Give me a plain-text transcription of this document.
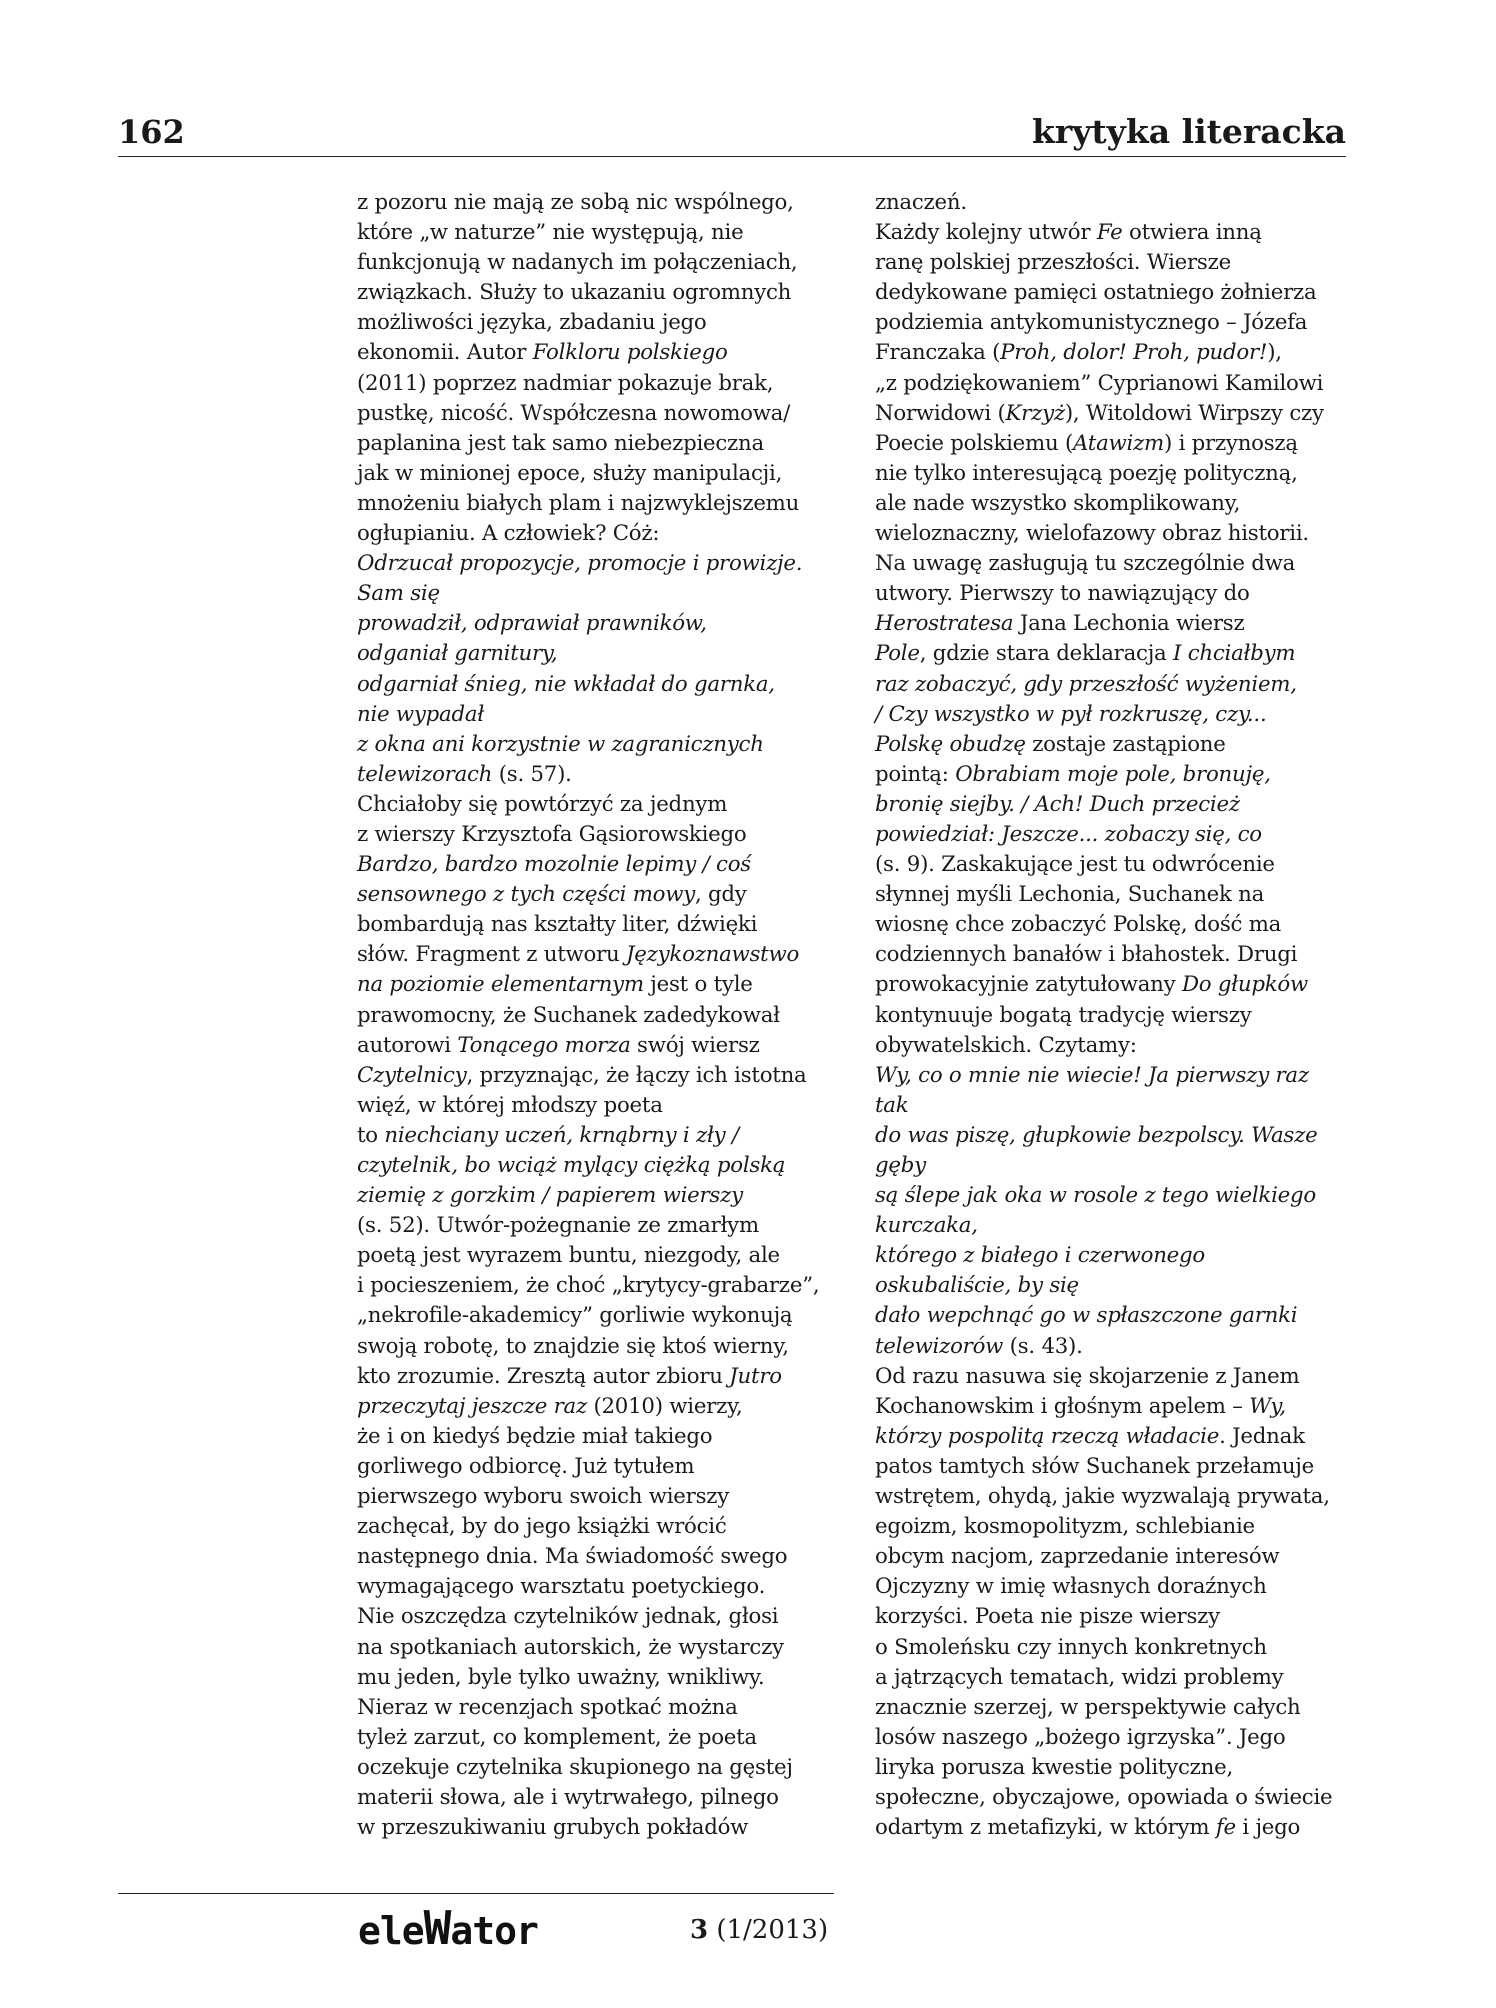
162	krytyka literacka
z pozoru nie mają ze sobą nic wspólnego,
które „w naturze” nie występują, nie
funkcjonują w nadanych im połączeniach,
związkach. Służy to ukazaniu ogromnych
możliwości języka, zbadaniu jego
ekonomii. Autor Folkloru polskiego
(2011) poprzez nadmiar pokazuje brak,
pustkę, nicość. Współczesna nowomowa/
paplanina jest tak samo niebezpieczna
jak w minionej epoce, służy manipulacji,
mnożeniu białych plam i najzwyklejszemu
ogłupianiu. A człowiek? Cóż:
Odrzucał propozycje, promocje i prowizje.
Sam się
prowadził, odprawiał prawników,
odganiał garnitury,
odgarniał śnieg, nie wkładał do garnka,
nie wypadał
z okna ani korzystnie w zagranicznych
telewizorach (s. 57).
Chciałoby się powtórzyć za jednym
z wierszy Krzysztofa Gąsiorowskiego
Bardzo, bardzo mozolnie lepimy / coś
sensownego z tych części mowy, gdy
bombardują nas kształty liter, dźwięki
słów. Fragment z utworu Językoznawstwo
na poziomie elementarnym jest o tyle
prawomocny, że Suchanek zadedykował
autorowi Tonącego morza swój wiersz
Czytelnicy, przyznając, że łączy ich istotna
więź, w której młodszy poeta
to niechciany uczeń, krnąbrny i zły /
czytelnik, bo wciąż mylący ciężką polską
ziemię z gorzkim / papierem wierszy
(s. 52). Utwór-pożegnanie ze zmarłym
poetą jest wyrazem buntu, niezgody, ale
i pocieszeniem, że choć „krytycy-grabarze”,
„nekrofile-akademicy” gorliwie wykonują
swoją robotę, to znajdzie się ktoś wierny,
kto zrozumie. Zresztą autor zbioru Jutro
przeczytaj jeszcze raz (2010) wierzy,
że i on kiedyś będzie miał takiego
gorliwego odbiorcę. Już tytułem
pierwszego wyboru swoich wierszy
zachęcał, by do jego książki wrócić
następnego dnia. Ma świadomość swego
wymagającego warsztatu poetyckiego.
Nie oszczędza czytelników jednak, głosi
na spotkaniach autorskich, że wystarczy
mu jeden, byle tylko uważny, wnikliwy.
Nieraz w recenzjach spotkać można
tyleż zarzut, co komplement, że poeta
oczekuje czytelnika skupionego na gęstej
materii słowa, ale i wytrwałego, pilnego
w przeszukiwaniu grubych pokładów
znaczeń.
Każdy kolejny utwór Fe otwiera inną
ranę polskiej przeszłości. Wiersze
dedykowane pamięci ostatniego żołnierza
podziemia antykomunistycznego – Józefa
Franczaka (Proh, dolor! Proh, pudor!),
„z podziękowaniem” Cyprianowi Kamilowi
Norwidowi (Krzyż), Witoldowi Wirpszy czy
Poecie polskiemu (Atawizm) i przynoszą
nie tylko interesującą poezję polityczną,
ale nade wszystko skomplikowany,
wieloznaczny, wielofazowy obraz historii.
Na uwagę zasługują tu szczególnie dwa
utwory. Pierwszy to nawiązujący do
Herostratesa Jana Lechonia wiersz
Pole, gdzie stara deklaracja I chciałbym
raz zobaczyć, gdy przeszłość wyżeniem,
/ Czy wszystko w pył rozkruszę, czy...
Polskę obudzę zostaje zastąpione
pointą: Obrabiam moje pole, bronuję,
bronię siejby. / Ach! Duch przecież
powiedział: Jeszcze... zobaczy się, co
(s. 9). Zaskakujące jest tu odwrócenie
słynnej myśli Lechonia, Suchanek na
wiosnę chce zobaczyć Polskę, dość ma
codziennych banałów i błahostek. Drugi
prowokacyjnie zatytułowany Do głupków
kontynuuje bogatą tradycję wierszy
obywatelskich. Czytamy:
Wy, co o mnie nie wiecie! Ja pierwszy raz
tak
do was piszę, głupkowie bezpolscy. Wasze
gęby
są ślepe jak oka w rosole z tego wielkiego
kurczaka,
którego z białego i czerwonego
oskubaliście, by się
dało wepchnąć go w spłaszczone garnki
telewizorów (s. 43).
Od razu nasuwa się skojarzenie z Janem
Kochanowskim i głośnym apelem – Wy,
którzy pospolitą rzeczą władacie. Jednak
patos tamtych słów Suchanek przełamuje
wstrętem, ohydą, jakie wyzwalają prywata,
egoizm, kosmopolityzm, schlebianie
obcym nacjom, zaprzedanie interesów
Ojczyzny w imię własnych doraźnych
korzyści. Poeta nie pisze wierszy
o Smoleńsku czy innych konkretnych
a jątrzących tematach, widzi problemy
znacznie szerzej, w perspektywie całych
losów naszego „bożego igrzyska”. Jego
liryka porusza kwestie polityczne,
społeczne, obyczajowe, opowiada o świecie
odartym z metafizyki, w którym fe i jego
eleWator	3 (1/2013)
